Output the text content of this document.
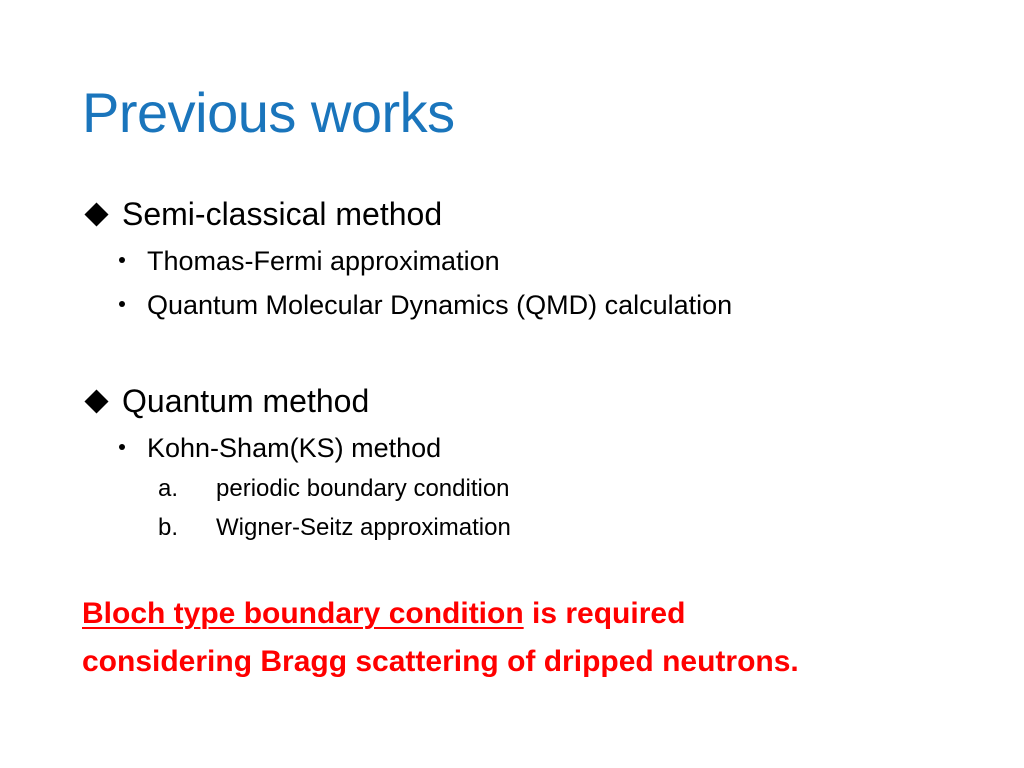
Previous works
Semi-classical method
Thomas-Fermi approximation
Quantum Molecular Dynamics (QMD) calculation
Quantum method
Kohn-Sham(KS) method
a.	periodic boundary condition
b.	Wigner-Seitz approximation
Bloch type boundary condition is required
considering Bragg scattering of dripped neutrons.
